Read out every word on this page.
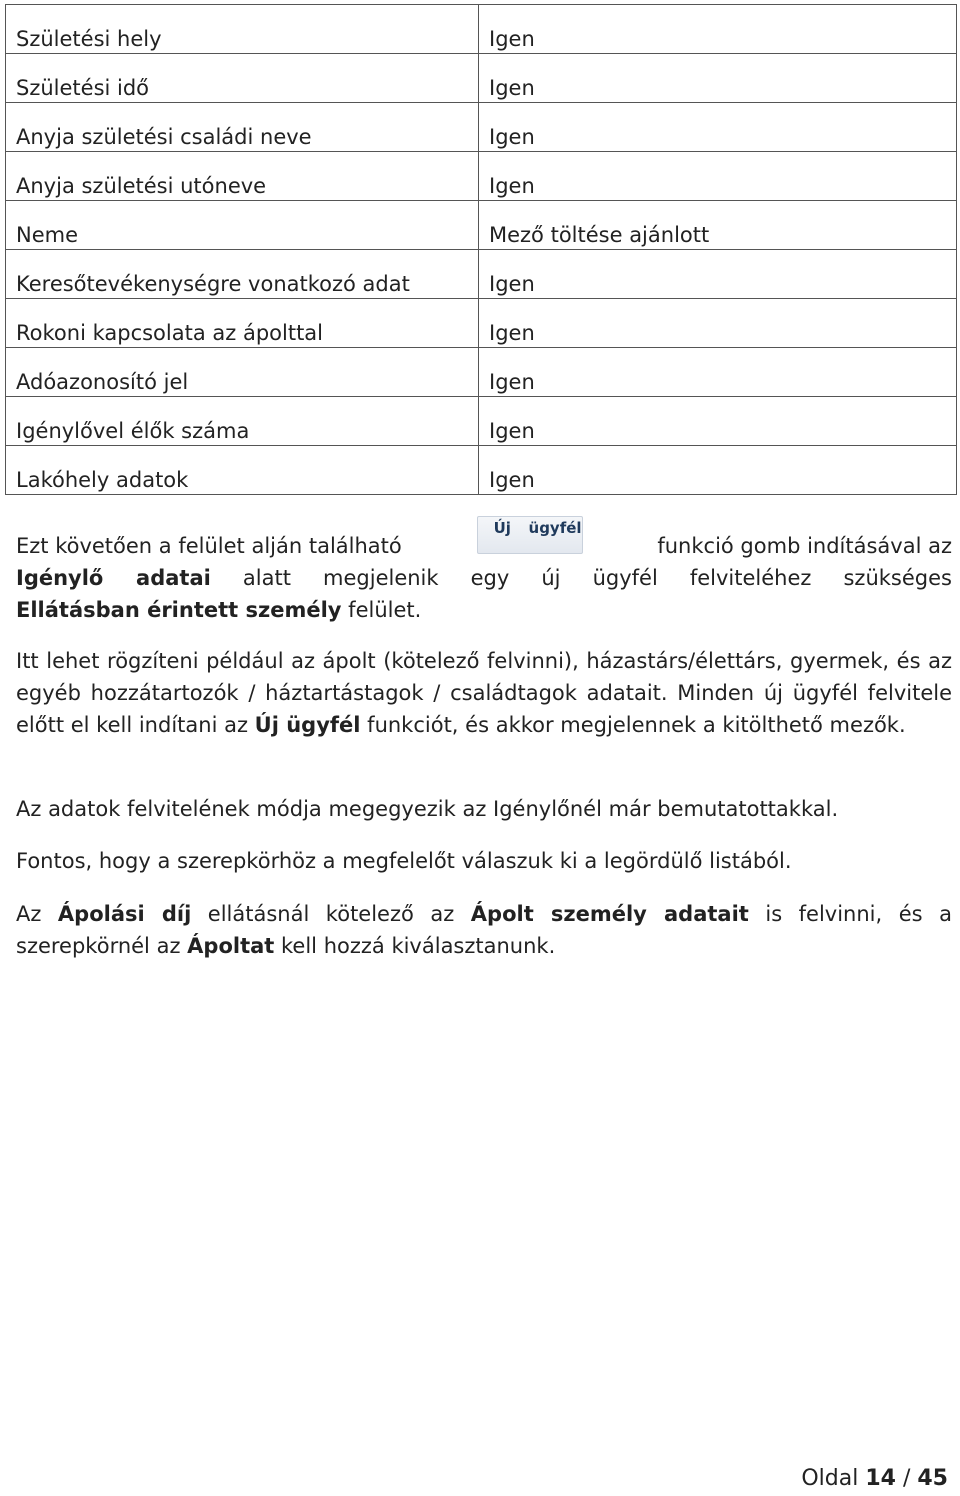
Születési hely	Igen

Születési idő	Igen

Anyja születési családi neve	Igen

Anyja születési utóneve	Igen

Neme	Mező töltése ajánlott

Keresőtevékenységre vonatkozó adat	Igen

Rokoni kapcsolata az ápolttal	Igen

Adóazonosító jel	Igen

Igénylővel élők száma	Igen

Lakóhely adatok	Igen
Ezt követően a felület alján található
Új ügyfél
funkció gomb indításával az
Igénylő adatai alatt megjelenik egy új ügyfél felviteléhez szükséges
Ellátásban érintett személy felület.
Itt lehet rögzíteni például az ápolt (kötelező felvinni), házastárs/élettárs, gyermek, és az egyéb hozzátartozók / háztartástagok / családtagok adatait. Minden új ügyfél felvitele előtt el kell indítani az Új ügyfél funkciót, és akkor megjelennek a kitölthető mezők.
Az adatok felvitelének módja megegyezik az Igénylőnél már bemutatottakkal.
Fontos, hogy a szerepkörhöz a megfelelőt válaszuk ki a legördülő listából.
Az Ápolási díj ellátásnál kötelező az Ápolt személy adatait is felvinni, és a szerepkörnél az Ápoltat kell hozzá kiválasztanunk.
Oldal 14 / 45
